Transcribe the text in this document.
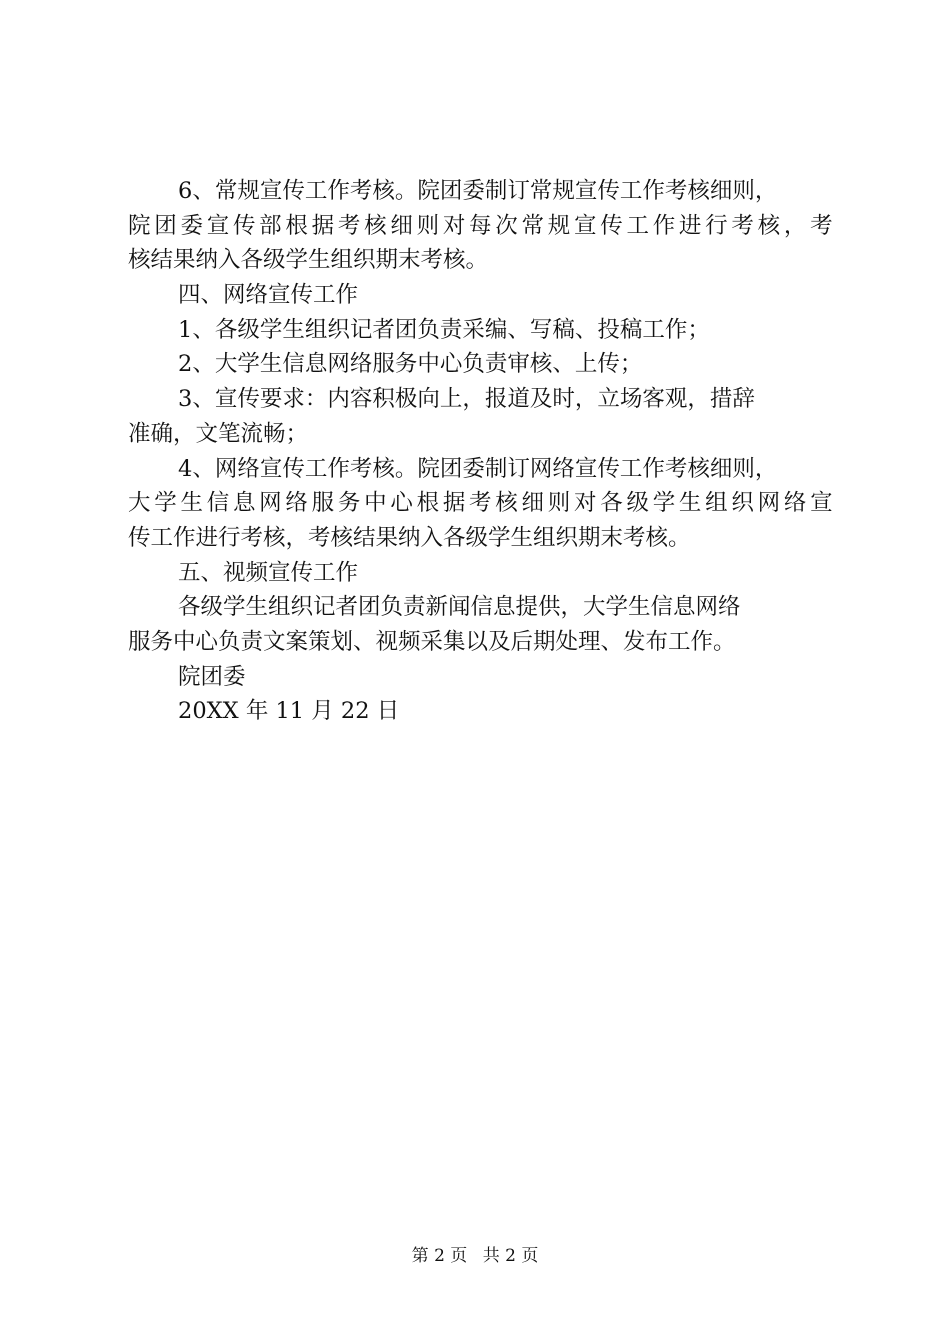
6、常规宣传工作考核。院团委制订常规宣传工作考核细则，
院 团 委 宣 传 部 根 据 考 核 细 则 对 每 次 常 规 宣 传 工 作 进 行 考 核 ， 考
核结果纳入各级学生组织期末考核。
四、网络宣传工作
1、各级学生组织记者团负责采编、写稿、投稿工作；
2、大学生信息网络服务中心负责审核、上传；
3、宣传要求：内容积极向上，报道及时，立场客观，措辞
准确，文笔流畅；
4、网络宣传工作考核。院团委制订网络宣传工作考核细则，
大 学 生 信 息 网 络 服 务 中 心 根 据 考 核 细 则 对 各 级 学 生 组 织 网 络 宣
传工作进行考核，考核结果纳入各级学生组织期末考核。
五、视频宣传工作
各级学生组织记者团负责新闻信息提供，大学生信息网络
服务中心负责文案策划、视频采集以及后期处理、发布工作。
院团委
20XX 年 11 月 22 日
第 2 页 共 2 页
